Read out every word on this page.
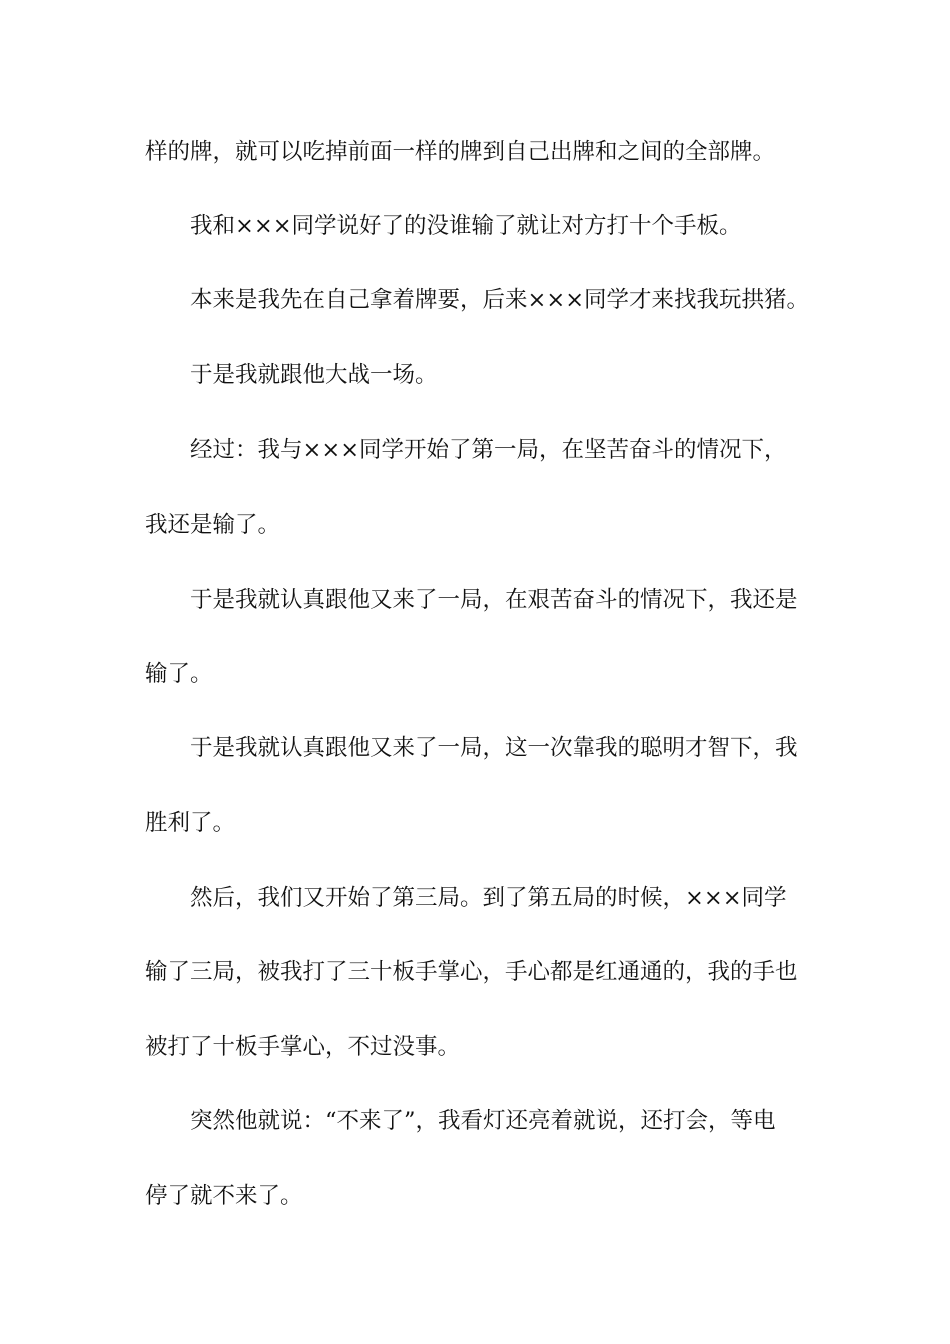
样的牌，就可以吃掉前面一样的牌到自己出牌和之间的全部牌。
我和×××同学说好了的没谁输了就让对方打十个手板。
本来是我先在自己拿着牌要，后来×××同学才来找我玩拱猪。
于是我就跟他大战一场。
经过：我与×××同学开始了第一局，在坚苦奋斗的情况下，
我还是输了。
于是我就认真跟他又来了一局，在艰苦奋斗的情况下，我还是
输了。
于是我就认真跟他又来了一局，这一次靠我的聪明才智下，我
胜利了。
然后，我们又开始了第三局。到了第五局的时候，×××同学
输了三局，被我打了三十板手掌心，手心都是红通通的，我的手也
被打了十板手掌心，不过没事。
突然他就说：“不来了”，我看灯还亮着就说，还打会，等电
停了就不来了。
